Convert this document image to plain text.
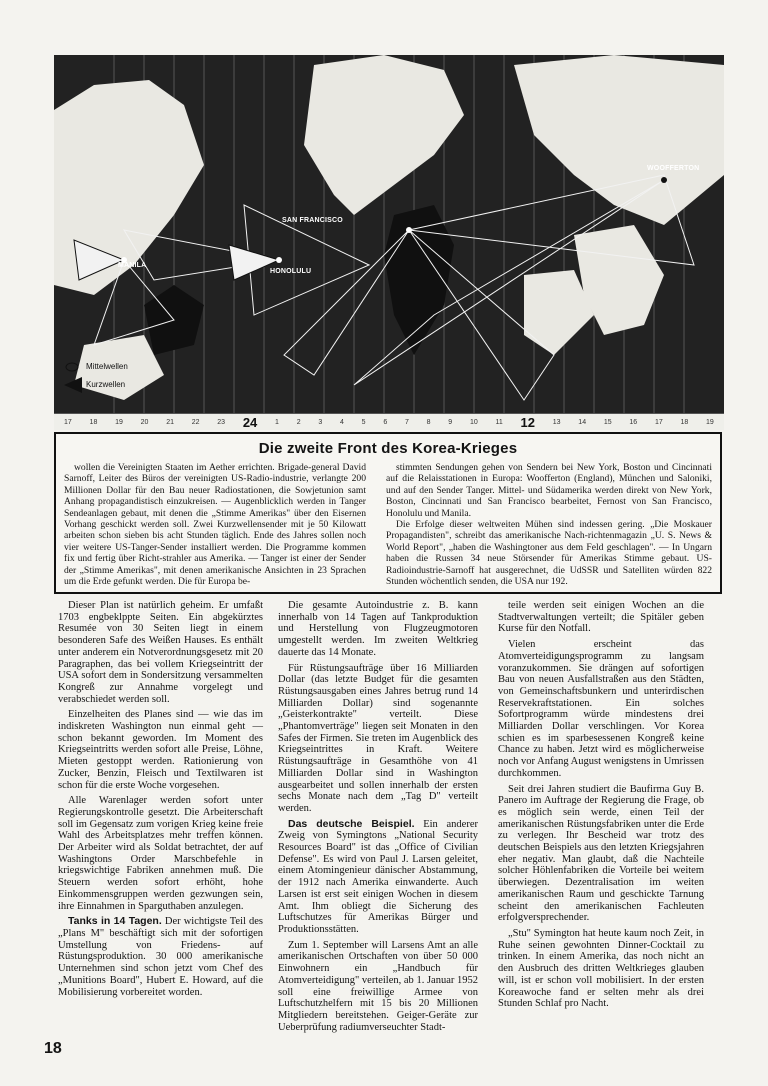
SAN FRANCISCO
HONOLULU
MANILA
WOOFFERTON
Mittelwellen
Kurzwellen
17	18	19	20	21	22	23 24	1	2	3	4	5	6	7	8	9	10	11 12	13	14	15	16	17	18	19
Die zweite Front des Korea-Krieges

wollen die Vereinigten Staaten im Aether errichten. Brigade-general David Sarnoff, Leiter des Büros der vereinigten US-Radio-industrie, verlangte 200 Millionen Dollar für den Bau neuer Radiostationen, die Sowjetunion samt Anhang propagandistisch einzukreisen. — Augenblicklich werden in Tanger Sendeanlagen gebaut, mit denen die „Stimme Amerikas" über den Eisernen Vorhang geschickt werden soll. Zwei Kurzwellensender mit je 50 Kilowatt arbeiten schon sieben bis acht Stunden täglich. Ende des Jahres sollen noch vier weitere US-Tanger-Sender installiert werden. Die Programme kommen fix und fertig über Richt-strahler aus Amerika. — Tanger ist einer der Sender der „Stimme Amerikas", mit denen amerikanische Ansichten in 23 Sprachen um die Erde gefunkt werden. Die für Europa be-

stimmten Sendungen gehen von Sendern bei New York, Boston und Cincinnati auf die Relaisstationen in Europa: Woofferton (England), München und Saloniki, und auf den Sender Tanger. Mittel- und Südamerika werden direkt von New York, Boston, Cincinnati und San Francisco bearbeitet, Fernost von San Francisco, Honolulu und Manila.

Die Erfolge dieser weltweiten Mühen sind indessen gering. „Die Moskauer Propagandisten", schreibt das amerikanische Nach-richtenmagazin „U. S. News & World Report", „haben die Washingtoner aus dem Feld geschlagen". — In Ungarn haben die Russen 34 neue Störsender für Amerikas Stimme gebaut. US-Radioindustrie-Sarnoff hat ausgerechnet, die UdSSR und Satelliten würden 822 Stunden wöchentlich senden, die USA nur 192.

Dieser Plan ist natürlich geheim. Er umfaßt 1703 engbeklppte Seiten. Ein abgekürztes Resumée von 30 Seiten liegt in einem besonderen Safe des Weißen Hauses. Es enthält unter anderem ein Notverordnungsgesetz mit 20 Paragraphen, das bei vollem Kriegseintritt der USA sofort dem in Sondersitzung versammelten Kongreß zur Annahme vorgelegt und verabschiedet werden soll.

Einzelheiten des Planes sind — wie das im indiskreten Washington nun einmal geht — schon bekannt geworden. Im Moment des Kriegseintritts werden sofort alle Preise, Löhne, Mieten gestoppt werden. Rationierung von Zucker, Benzin, Fleisch und Textilwaren ist schon für die erste Woche vorgesehen.

Alle Warenlager werden sofort unter Regierungskontrolle gesetzt. Die Arbeiterschaft soll im Gegensatz zum vorigen Krieg keine freie Wahl des Arbeitsplatzes mehr treffen können. Der Arbeiter wird als Soldat betrachtet, der auf Washingtons Order Marschbefehle in kriegswichtige Fabriken annehmen muß. Die Steuern werden sofort erhöht, hohe Einkommensgruppen werden gezwungen sein, ihre Einnahmen in Sparguthaben anzulegen.

Tanks in 14 Tagen. Der wichtigste Teil des „Plans M" beschäftigt sich mit der sofortigen Umstellung von Friedens- auf Rüstungsproduktion. 30 000 amerikanische Unternehmen sind schon jetzt vom Chef des „Munitions Board", Hubert E. Howard, auf die Mobilisierung vorbereitet worden.

Die gesamte Autoindustrie z. B. kann innerhalb von 14 Tagen auf Tankproduktion und Herstellung von Flugzeugmotoren umgestellt werden. Im zweiten Weltkrieg dauerte das 14 Monate.

Für Rüstungsaufträge über 16 Milliarden Dollar (das letzte Budget für die gesamten Rüstungsausgaben eines Jahres betrug rund 14 Milliarden Dollar) sind sogenannte „Geisterkontrakte" verteilt. Diese „Phantomverträge" liegen seit Monaten in den Safes der Firmen. Sie treten im Augenblick des Kriegseintrittes in Kraft. Weitere Rüstungsaufträge in Gesamthöhe von 41 Milliarden Dollar sind in Washington ausgearbeitet und sollen innerhalb der ersten sechs Monate nach dem „Tag D" verteilt werden.

Das deutsche Beispiel. Ein anderer Zweig von Symingtons „National Security Resources Board" ist das „Office of Civilian Defense". Es wird von Paul J. Larsen geleitet, einem Atomingenieur dänischer Abstammung, der 1912 nach Amerika einwanderte. Auch Larsen ist erst seit einigen Wochen in diesem Amt. Ihm obliegt die Sicherung des Luftschutzes für Amerikas Bürger und Produktionsstätten.

Zum 1. September will Larsens Amt an alle amerikanischen Ortschaften von über 50 000 Einwohnern ein „Handbuch für Atomverteidigung" verteilen, ab 1. Januar 1952 soll eine freiwillige Armee von Luftschutzhelfern mit 15 bis 20 Millionen Mitgliedern bereitstehen. Geiger-Geräte zur Ueberprüfung radiumverseuchter Stadt-

teile werden seit einigen Wochen an die Stadtverwaltungen verteilt; die Spitäler geben Kurse für den Notfall.

Vielen erscheint das Atomverteidigungsprogramm zu langsam voranzukommen. Sie drängen auf sofortigen Bau von neuen Ausfallstraßen aus den Städten, von Gemeinschaftsbunkern und unterirdischen Reservekraftstationen. Ein solches Sofortprogramm würde mindestens drei Milliarden Dollar verschlingen. Vor Korea schien es im sparbesessenen Kongreß keine Chance zu haben. Jetzt wird es möglicherweise noch vor Anfang August wenigstens in Umrissen durchkommen.

Seit drei Jahren studiert die Baufirma Guy B. Panero im Auftrage der Regierung die Frage, ob es möglich sein werde, einen Teil der amerikanischen Rüstungsfabriken unter die Erde zu verlegen. Ihr Bescheid war trotz des deutschen Beispiels aus den letzten Kriegsjahren eher negativ. Man glaubt, daß die Nachteile solcher Höhlenfabriken die Vorteile bei weitem überwiegen. Dezentralisation im weiten amerikanischen Raum und geschickte Tarnung scheint den amerikanischen Fachleuten erfolgversprechender.

„Stu" Symington hat heute kaum noch Zeit, in Ruhe seinen gewohnten Dinner-Cocktail zu trinken. In einem Amerika, das noch nicht an den Ausbruch des dritten Weltkrieges glauben will, ist er schon voll mobilisiert. In der ersten Koreawoche fand er selten mehr als drei Stunden Schlaf pro Nacht.

18
